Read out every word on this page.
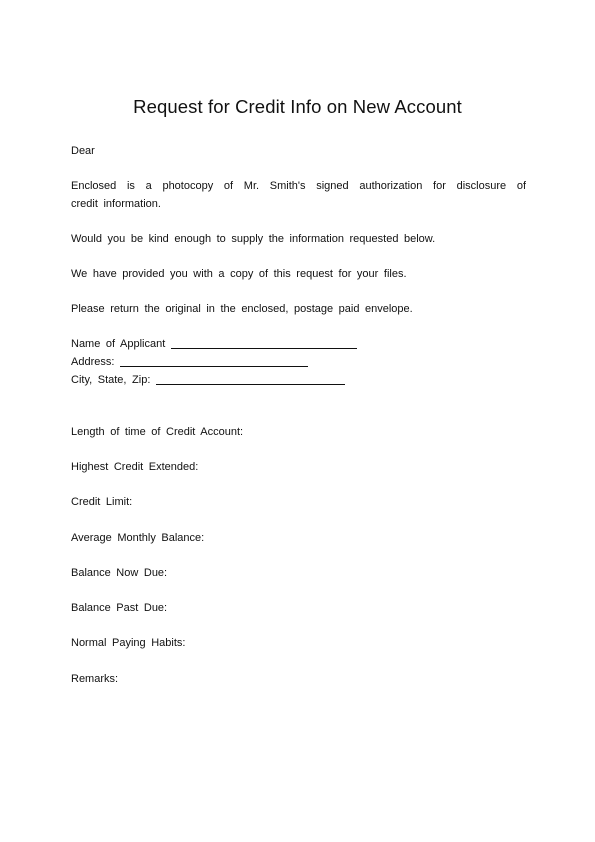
Request for Credit Info on New Account
Dear
Enclosed is a photocopy of Mr. Smith's signed authorization for disclosure of
credit information.
Would you be kind enough to supply the information requested below.
We have provided you with a copy of this request for your files.
Please return the original in the enclosed, postage paid envelope.
Name of Applicant
Address:
City, State, Zip:
Length of time of Credit Account:
Highest Credit Extended:
Credit Limit:
Average Monthly Balance:
Balance Now Due:
Balance Past Due:
Normal Paying Habits:
Remarks:
